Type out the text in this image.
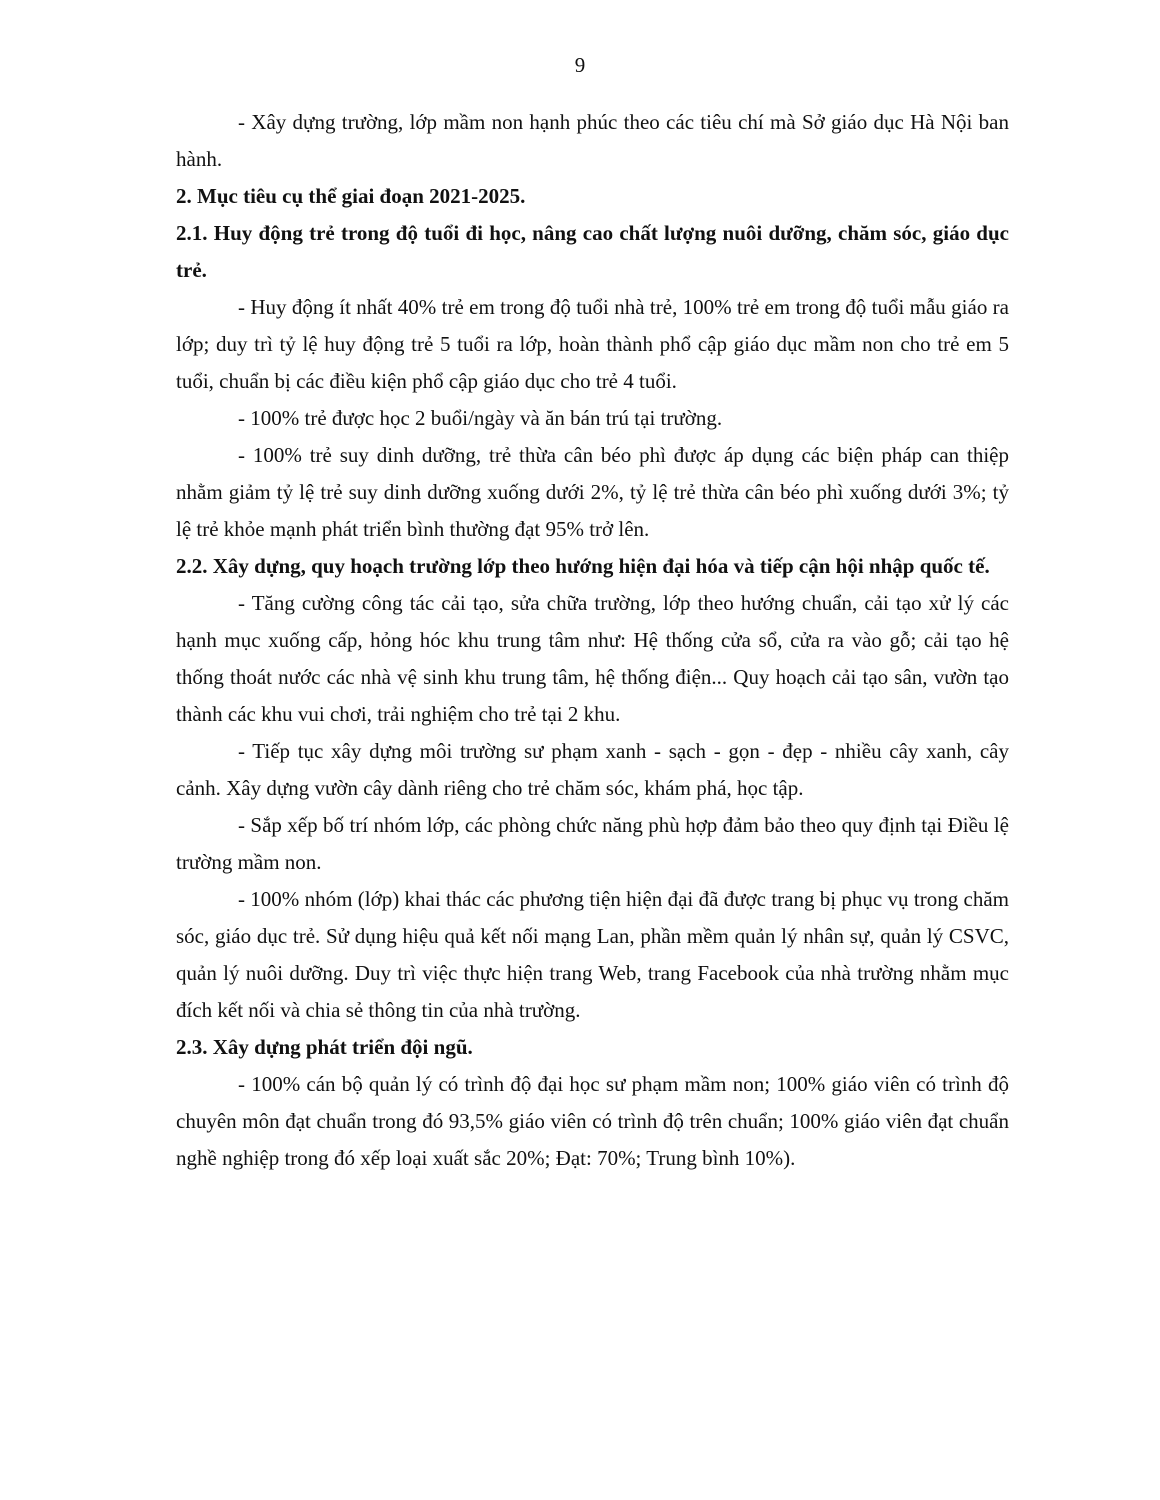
9

- Xây dựng trường, lớp mầm non hạnh phúc theo các tiêu chí mà Sở giáo dục Hà Nội ban hành.

2. Mục tiêu cụ thể giai đoạn 2021-2025.

2.1. Huy động trẻ trong độ tuổi đi học, nâng cao chất lượng nuôi dưỡng, chăm sóc, giáo dục trẻ.

- Huy động ít nhất 40% trẻ em trong độ tuổi nhà trẻ, 100% trẻ em trong độ tuổi mẫu giáo ra lớp; duy trì tỷ lệ huy động trẻ 5 tuổi ra lớp, hoàn thành phổ cập giáo dục mầm non cho trẻ em 5 tuổi, chuẩn bị các điều kiện phổ cập giáo dục cho trẻ 4 tuổi.

- 100% trẻ được học 2 buổi/ngày và ăn bán trú tại trường.

- 100% trẻ suy dinh dưỡng, trẻ thừa cân béo phì được áp dụng các biện pháp can thiệp nhằm giảm tỷ lệ trẻ suy dinh dưỡng xuống dưới 2%, tỷ lệ trẻ thừa cân béo phì xuống dưới 3%; tỷ lệ trẻ khỏe mạnh phát triển bình thường đạt 95% trở lên.

2.2. Xây dựng, quy hoạch trường lớp theo hướng hiện đại hóa và tiếp cận hội nhập quốc tế.

- Tăng cường công tác cải tạo, sửa chữa trường, lớp theo hướng chuẩn, cải tạo xử lý các hạnh mục xuống cấp, hỏng hóc khu trung tâm như: Hệ thống cửa sổ, cửa ra vào gỗ; cải tạo hệ thống thoát nước các nhà vệ sinh khu trung tâm, hệ thống điện... Quy hoạch cải tạo sân, vườn tạo thành các khu vui chơi, trải nghiệm cho trẻ tại 2 khu.

- Tiếp tục xây dựng môi trường sư phạm xanh - sạch - gọn - đẹp - nhiều cây xanh, cây cảnh. Xây dựng vườn cây dành riêng cho trẻ chăm sóc, khám phá, học tập.

- Sắp xếp bố trí nhóm lớp, các phòng chức năng phù hợp đảm bảo theo quy định tại Điều lệ trường mầm non.

- 100% nhóm (lớp) khai thác các phương tiện hiện đại đã được trang bị phục vụ trong chăm sóc, giáo dục trẻ. Sử dụng hiệu quả kết nối mạng Lan, phần mềm quản lý nhân sự, quản lý CSVC, quản lý nuôi dưỡng. Duy trì việc thực hiện trang Web, trang Facebook của nhà trường nhằm mục đích kết nối và chia sẻ thông tin của nhà trường.

2.3. Xây dựng phát triển đội ngũ.

- 100% cán bộ quản lý có trình độ đại học sư phạm mầm non; 100% giáo viên có trình độ chuyên môn đạt chuẩn trong đó 93,5% giáo viên có trình độ trên chuẩn; 100% giáo viên đạt chuẩn nghề nghiệp trong đó xếp loại xuất sắc 20%; Đạt: 70%; Trung bình 10%).
